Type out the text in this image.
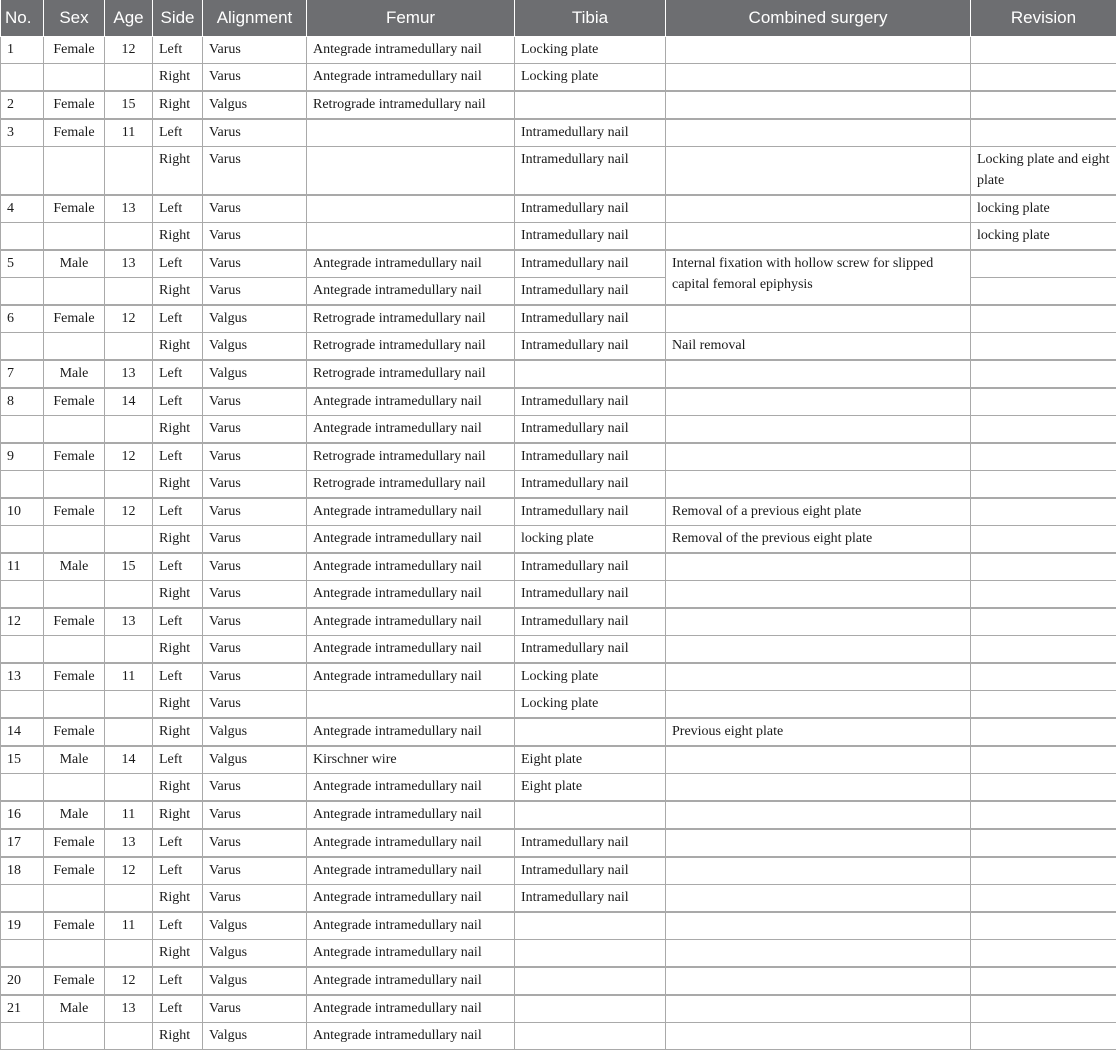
No.	Sex	Age	Side	Alignment	Femur	Tibia	Combined surgery	Revision
1	Female	12	Left	Varus	Antegrade intramedullary nail	Locking plate		
			Right	Varus	Antegrade intramedullary nail	Locking plate		
2	Female	15	Right	Valgus	Retrograde intramedullary nail			
3	Female	11	Left	Varus		Intramedullary nail		
			Right	Varus		Intramedullary nail		Locking plate and eight plate
4	Female	13	Left	Varus		Intramedullary nail		locking plate
			Right	Varus		Intramedullary nail		locking plate
5	Male	13	Left	Varus	Antegrade intramedullary nail	Intramedullary nail	Internal fixation with hollow screw for slipped capital femoral epiphysis	
			Right	Varus	Antegrade intramedullary nail	Intramedullary nail		
6	Female	12	Left	Valgus	Retrograde intramedullary nail	Intramedullary nail		
			Right	Valgus	Retrograde intramedullary nail	Intramedullary nail	Nail removal	
7	Male	13	Left	Valgus	Retrograde intramedullary nail			
8	Female	14	Left	Varus	Antegrade intramedullary nail	Intramedullary nail		
			Right	Varus	Antegrade intramedullary nail	Intramedullary nail		
9	Female	12	Left	Varus	Retrograde intramedullary nail	Intramedullary nail		
			Right	Varus	Retrograde intramedullary nail	Intramedullary nail		
10	Female	12	Left	Varus	Antegrade intramedullary nail	Intramedullary nail	Removal of a previous eight plate	
			Right	Varus	Antegrade intramedullary nail	locking plate	Removal of the previous eight plate	
11	Male	15	Left	Varus	Antegrade intramedullary nail	Intramedullary nail		
			Right	Varus	Antegrade intramedullary nail	Intramedullary nail		
12	Female	13	Left	Varus	Antegrade intramedullary nail	Intramedullary nail		
			Right	Varus	Antegrade intramedullary nail	Intramedullary nail		
13	Female	11	Left	Varus	Antegrade intramedullary nail	Locking plate		
			Right	Varus		Locking plate		
14	Female		Right	Valgus	Antegrade intramedullary nail		Previous eight plate	
15	Male	14	Left	Valgus	Kirschner wire	Eight plate		
			Right	Varus	Antegrade intramedullary nail	Eight plate		
16	Male	11	Right	Varus	Antegrade intramedullary nail			
17	Female	13	Left	Varus	Antegrade intramedullary nail	Intramedullary nail		
18	Female	12	Left	Varus	Antegrade intramedullary nail	Intramedullary nail		
			Right	Varus	Antegrade intramedullary nail	Intramedullary nail		
19	Female	11	Left	Valgus	Antegrade intramedullary nail			
			Right	Valgus	Antegrade intramedullary nail			
20	Female	12	Left	Valgus	Antegrade intramedullary nail			
21	Male	13	Left	Varus	Antegrade intramedullary nail			
			Right	Valgus	Antegrade intramedullary nail			
